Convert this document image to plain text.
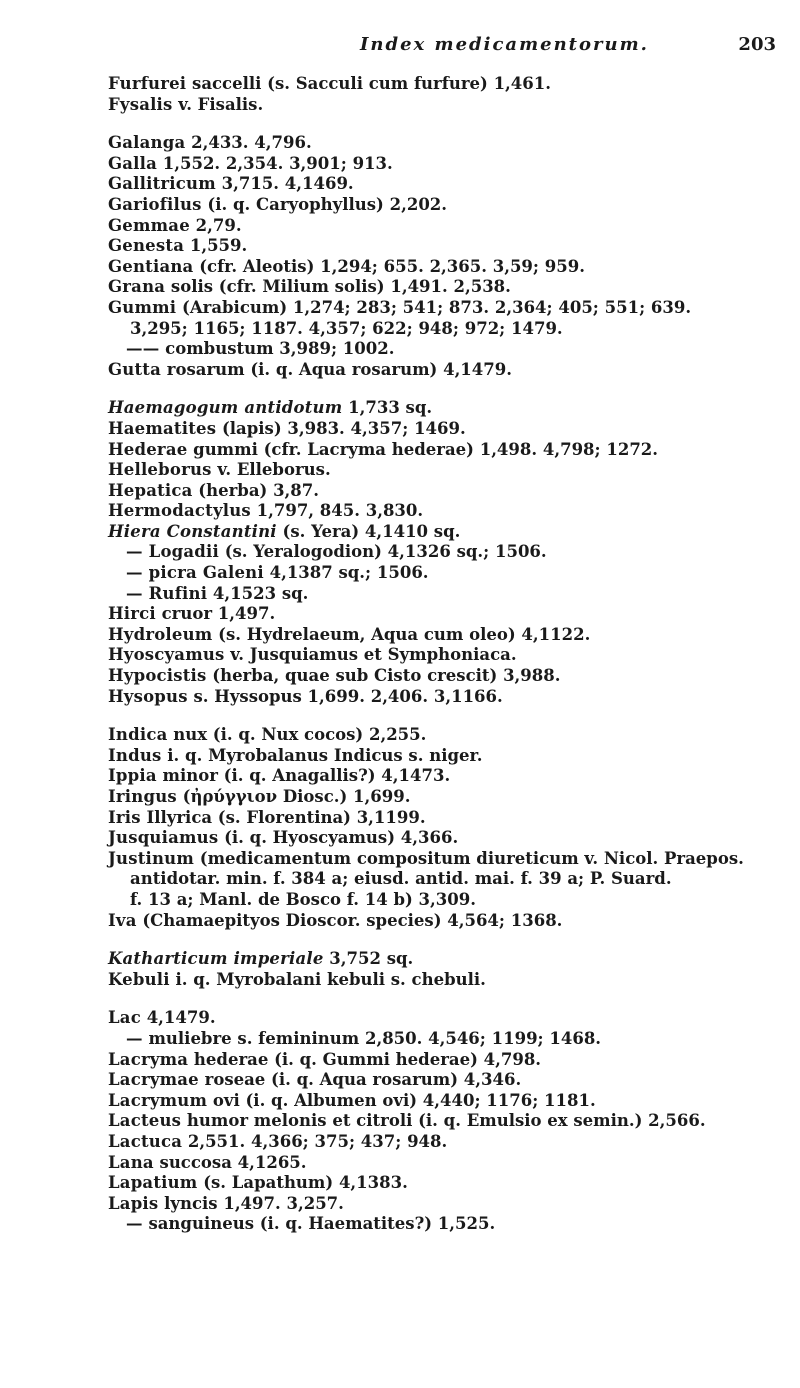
Index medicamentorum.	203
Furfurei saccelli (s. Sacculi cum furfure) 1,461.
Fysalis v. Fisalis.
Galanga 2,433. 4,796.
Galla 1,552. 2,354. 3,901; 913.
Gallitricum 3,715. 4,1469.
Gariofilus (i. q. Caryophyllus) 2,202.
Gemmae 2,79.
Genesta 1,559.
Gentiana (cfr. Aleotis) 1,294; 655. 2,365. 3,59; 959.
Grana solis (cfr. Milium solis) 1,491. 2,538.
Gummi (Arabicum) 1,274; 283; 541; 873. 2,364; 405; 551; 639.
3,295; 1165; 1187. 4,357; 622; 948; 972; 1479.
—— combustum 3,989; 1002.
Gutta rosarum (i. q. Aqua rosarum) 4,1479.
Haemagogum antidotum 1,733 sq.
Haematites (lapis) 3,983. 4,357; 1469.
Hederae gummi (cfr. Lacryma hederae) 1,498. 4,798; 1272.
Helleborus v. Elleborus.
Hepatica (herba) 3,87.
Hermodactylus 1,797, 845. 3,830.
Hiera Constantini (s. Yera) 4,1410 sq.
— Logadii (s. Yeralogodion) 4,1326 sq.; 1506.
— picra Galeni 4,1387 sq.; 1506.
— Rufini 4,1523 sq.
Hirci cruor 1,497.
Hydroleum (s. Hydrelaeum, Aqua cum oleo) 4,1122.
Hyoscyamus v. Jusquiamus et Symphoniaca.
Hypocistis (herba, quae sub Cisto crescit) 3,988.
Hysopus s. Hyssopus 1,699. 2,406. 3,1166.
Indica nux (i. q. Nux cocos) 2,255.
Indus i. q. Myrobalanus Indicus s. niger.
Ippia minor (i. q. Anagallis?) 4,1473.
Iringus (ἠρύγγιον Diosc.) 1,699.
Iris Illyrica (s. Florentina) 3,1199.
Jusquiamus (i. q. Hyoscyamus) 4,366.
Justinum (medicamentum compositum diureticum v. Nicol. Praepos.
antidotar. min. f. 384 a; eiusd. antid. mai. f. 39 a; P. Suard.
f. 13 a; Manl. de Bosco f. 14 b) 3,309.
Iva (Chamaepityos Dioscor. species) 4,564; 1368.
Katharticum imperiale 3,752 sq.
Kebuli i. q. Myrobalani kebuli s. chebuli.
Lac 4,1479.
— muliebre s. femininum 2,850. 4,546; 1199; 1468.
Lacryma hederae (i. q. Gummi hederae) 4,798.
Lacrymae roseae (i. q. Aqua rosarum) 4,346.
Lacrymum ovi (i. q. Albumen ovi) 4,440; 1176; 1181.
Lacteus humor melonis et citroli (i. q. Emulsio ex semin.) 2,566.
Lactuca 2,551. 4,366; 375; 437; 948.
Lana succosa 4,1265.
Lapatium (s. Lapathum) 4,1383.
Lapis lyncis 1,497. 3,257.
— sanguineus (i. q. Haematites?) 1,525.
